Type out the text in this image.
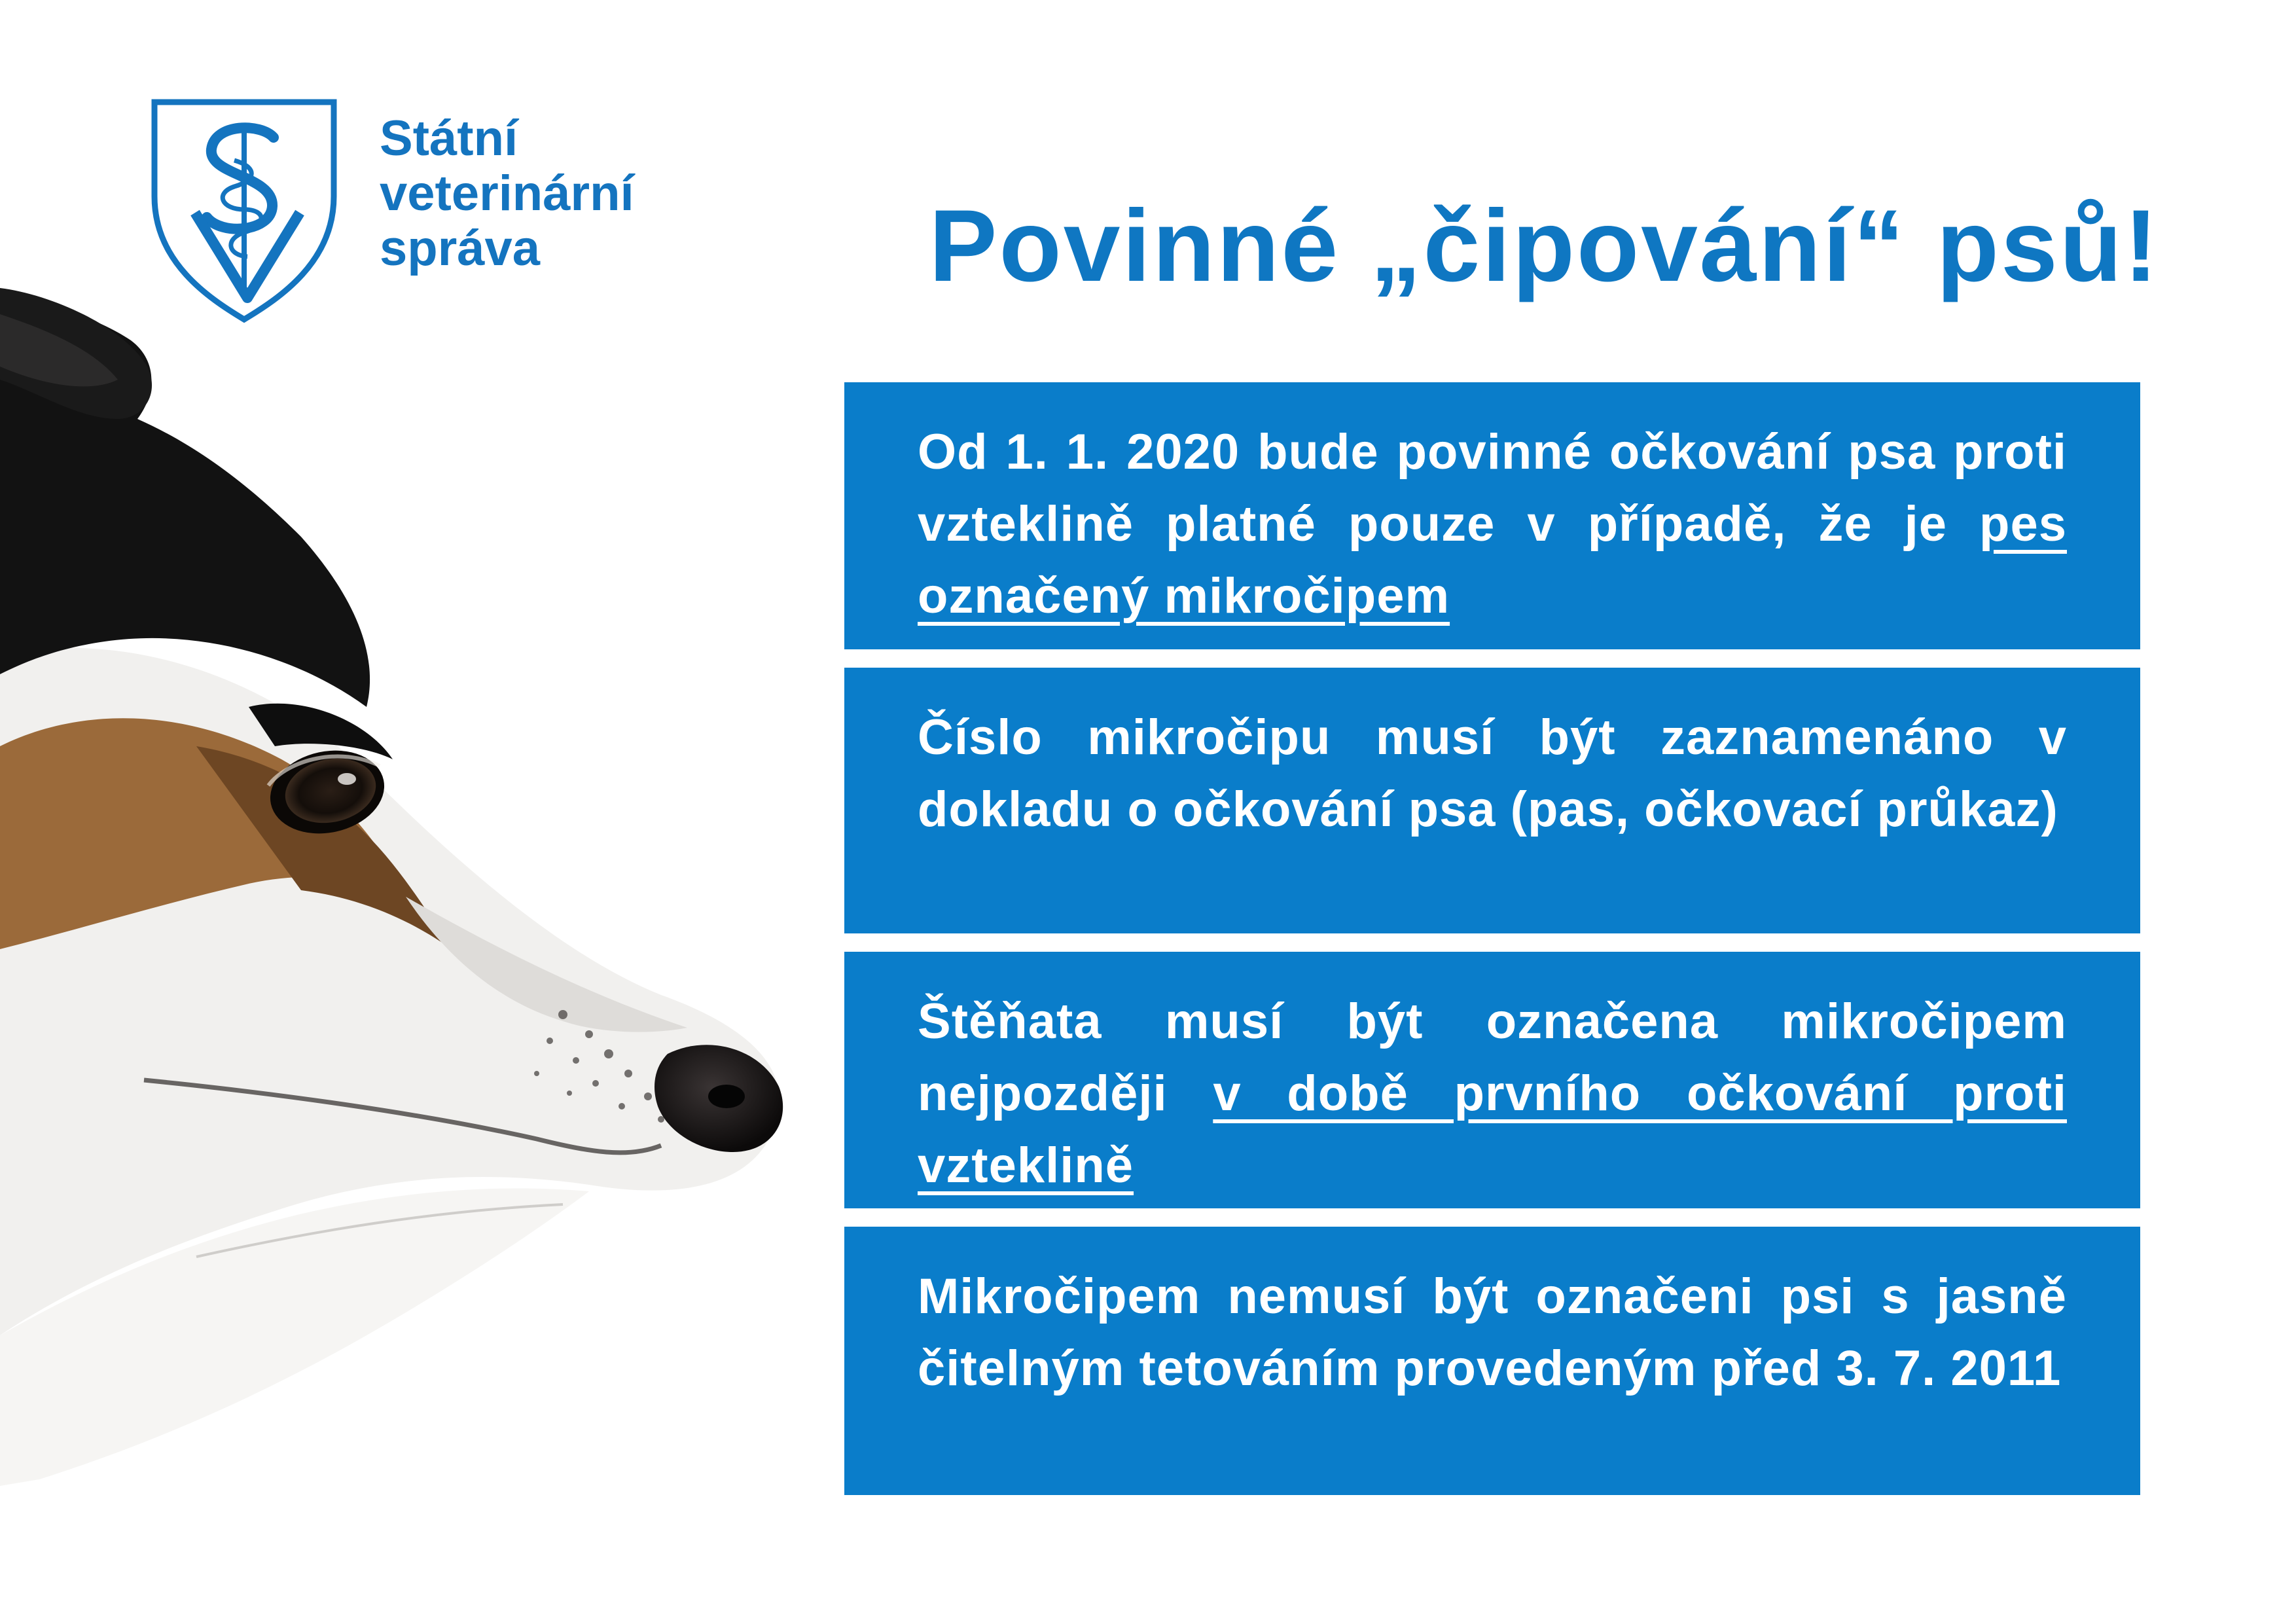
Státní
veterinární
správa	Povinné „čipování“ psů!

Od 1. 1. 2020 bude povinné očkování psa proti vzteklině platné pouze v případě, že je pes označený mikročipem

Číslo mikročipu musí být zaznamenáno v dokladu o očkování psa (pas, očkovací průkaz)

Štěňata musí být označena mikročipem nejpozději v době prvního očkování proti vzteklině

Mikročipem nemusí být označeni psi s jasně čitelným tetováním provedeným před 3. 7. 2011
